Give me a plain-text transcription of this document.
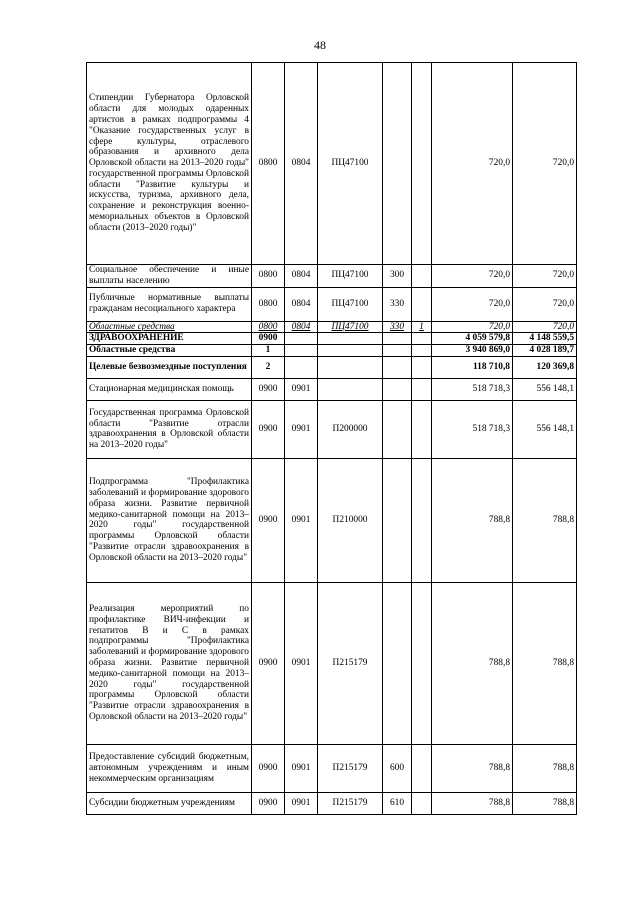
48
Стипендии Губернатора Орловской области для молодых одаренных артистов в рамках подпрограммы 4 "Оказание государственных услуг в сфере культуры, отраслевого образования и архивного дела Орловской области на 2013–2020 годы" государственной программы Орловской области "Развитие культуры и искусства, туризма, архивного дела, сохранение и реконструкция военно-мемориальных объектов в Орловской области (2013–2020 годы)"	0800	0804	ПЦ47100			720,0	720,0
Социальное обеспечение и иные выплаты населению	0800	0804	ПЦ47100	300		720,0	720,0
Публичные нормативные выплаты гражданам несоциального характера	0800	0804	ПЦ47100	330		720,0	720,0
Областные средства	0800	0804	ПЦ47100	330	1	720,0	720,0
ЗДРАВООХРАНЕНИЕ	0900					4 059 579,8	4 148 559,5
Областные средства	1					3 940 869,0	4 028 189,7
Целевые безвозмездные поступления	2					118 710,8	120 369,8
Стационарная медицинская помощь	0900	0901				518 718,3	556 148,1
Государственная программа Орловской области "Развитие отрасли здравоохранения в Орловской области на 2013–2020 годы"	0900	0901	П200000			518 718,3	556 148,1
Подпрограмма "Профилактика заболеваний и формирование здорового образа жизни. Развитие первичной медико-санитарной помощи на 2013–2020 годы" государственной программы Орловской области "Развитие отрасли здравоохранения в Орловской области на 2013–2020 годы"	0900	0901	П210000			788,8	788,8
Реализация мероприятий по профилактике ВИЧ-инфекции и гепатитов В и С в рамках подпрограммы "Профилактика заболеваний и формирование здорового образа жизни. Развитие первичной медико-санитарной помощи на 2013–2020 годы" государственной программы Орловской области "Развитие отрасли здравоохранения в Орловской области на 2013–2020 годы"	0900	0901	П215179			788,8	788,8
Предоставление субсидий бюджетным, автономным учреждениям и иным некоммерческим организациям	0900	0901	П215179	600		788,8	788,8
Субсидии бюджетным учреждениям	0900	0901	П215179	610		788,8	788,8
